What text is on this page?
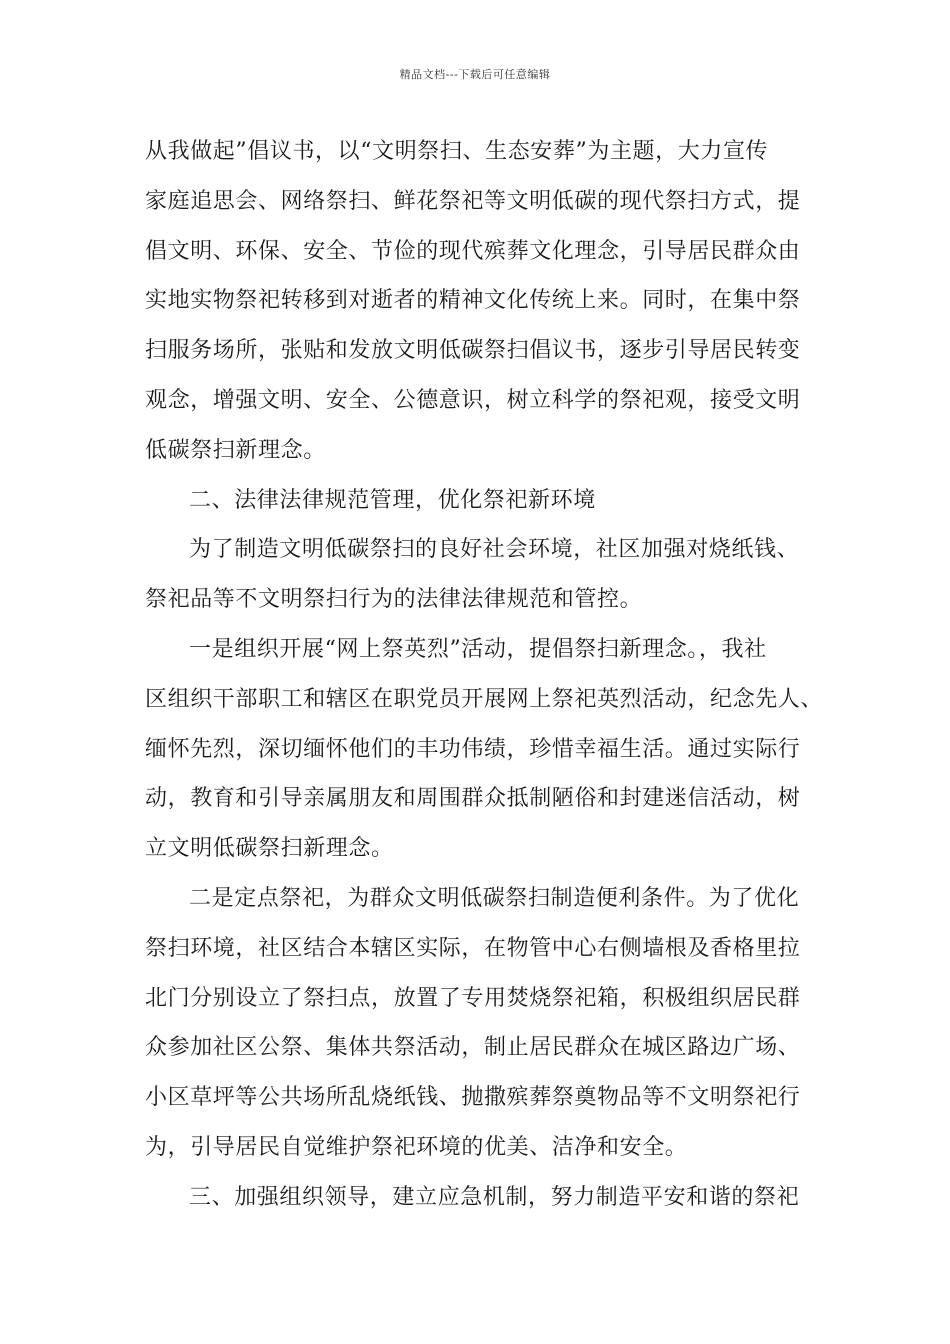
精品文档---下载后可任意编辑
从我做起”倡议书，以“文明祭扫、生态安葬”为主题，大力宣传
家庭追思会、网络祭扫、鲜花祭祀等文明低碳的现代祭扫方式，提
倡文明、环保、安全、节俭的现代殡葬文化理念，引导居民群众由
实地实物祭祀转移到对逝者的精神文化传统上来。同时，在集中祭
扫服务场所，张贴和发放文明低碳祭扫倡议书，逐步引导居民转变
观念，增强文明、安全、公德意识，树立科学的祭祀观，接受文明
低碳祭扫新理念。
二、法律法律规范管理，优化祭祀新环境
为了制造文明低碳祭扫的良好社会环境，社区加强对烧纸钱、
祭祀品等不文明祭扫行为的法律法律规范和管控。
一是组织开展“网上祭英烈”活动，提倡祭扫新理念。，我社
区组织干部职工和辖区在职党员开展网上祭祀英烈活动，纪念先人、
缅怀先烈，深切缅怀他们的丰功伟绩，珍惜幸福生活。通过实际行
动，教育和引导亲属朋友和周围群众抵制陋俗和封建迷信活动，树
立文明低碳祭扫新理念。
二是定点祭祀，为群众文明低碳祭扫制造便利条件。为了优化
祭扫环境，社区结合本辖区实际，在物管中心右侧墙根及香格里拉
北门分别设立了祭扫点，放置了专用焚烧祭祀箱，积极组织居民群
众参加社区公祭、集体共祭活动，制止居民群众在城区路边广场、
小区草坪等公共场所乱烧纸钱、抛撒殡葬祭奠物品等不文明祭祀行
为，引导居民自觉维护祭祀环境的优美、洁净和安全。
三、加强组织领导，建立应急机制，努力制造平安和谐的祭祀
